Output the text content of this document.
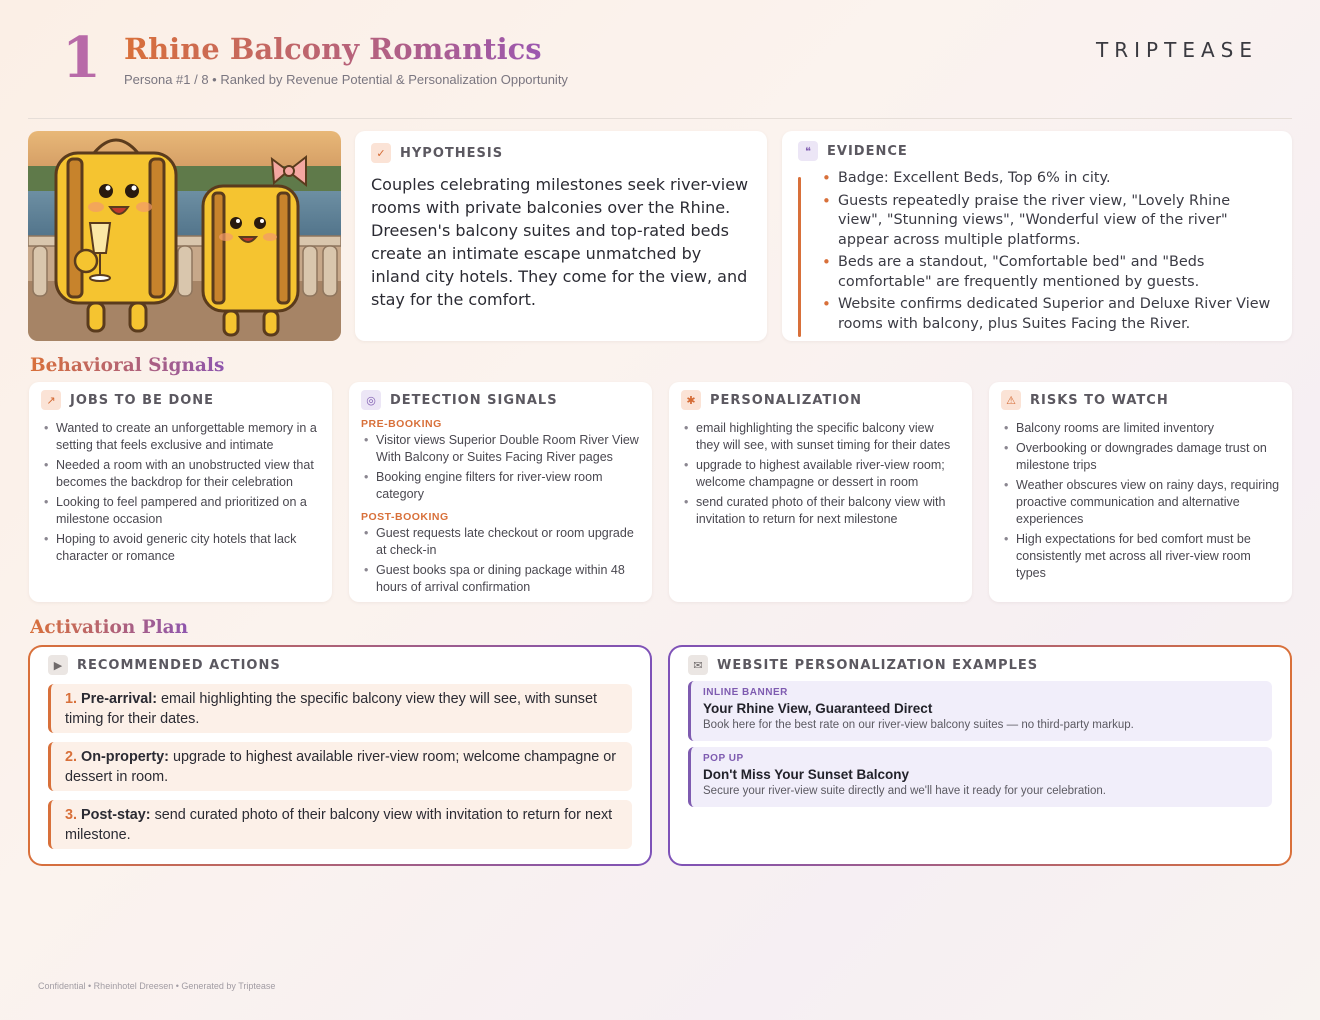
1 Rhine Balcony Romantics
Persona #1 / 8 • Ranked by Revenue Potential & Personalization Opportunity
TRIPTEASE
✓	HYPOTHESIS
Couples celebrating milestones seek river-view rooms with private balconies over the Rhine. Dreesen's balcony suites and top-rated beds create an intimate escape unmatched by inland city hotels. They come for the view, and stay for the comfort.
❝	EVIDENCE
• Badge: Excellent Beds, Top 6% in city.
• Guests repeatedly praise the river view, "Lovely Rhine view", "Stunning views", "Wonderful view of the river" appear across multiple platforms.
• Beds are a standout, "Comfortable bed" and "Beds comfortable" are frequently mentioned by guests.
• Website confirms dedicated Superior and Deluxe River View rooms with balcony, plus Suites Facing the River.
Behavioral Signals
↗	JOBS TO BE DONE
• Wanted to create an unforgettable memory in a setting that feels exclusive and intimate
• Needed a room with an unobstructed view that becomes the backdrop for their celebration
• Looking to feel pampered and prioritized on a milestone occasion
• Hoping to avoid generic city hotels that lack character or romance
◎	DETECTION SIGNALS
PRE-BOOKING
• Visitor views Superior Double Room River View With Balcony or Suites Facing River pages
• Booking engine filters for river-view room category
POST-BOOKING
• Guest requests late checkout or room upgrade at check-in
• Guest books spa or dining package within 48 hours of arrival confirmation
✱	PERSONALIZATION
• email highlighting the specific balcony view they will see, with sunset timing for their dates
• upgrade to highest available river-view room; welcome champagne or dessert in room
• send curated photo of their balcony view with invitation to return for next milestone
⚠	RISKS TO WATCH
• Balcony rooms are limited inventory
• Overbooking or downgrades damage trust on milestone trips
• Weather obscures view on rainy days, requiring proactive communication and alternative experiences
• High expectations for bed comfort must be consistently met across all river-view room types
Activation Plan
▶	RECOMMENDED ACTIONS
1. Pre-arrival: email highlighting the specific balcony view they will see, with sunset timing for their dates.
2. On-property: upgrade to highest available river-view room; welcome champagne or dessert in room.
3. Post-stay: send curated photo of their balcony view with invitation to return for next milestone.
✉	WEBSITE PERSONALIZATION EXAMPLES
INLINE BANNER
Your Rhine View, Guaranteed Direct
Book here for the best rate on our river-view balcony suites — no third-party markup.
POP UP
Don't Miss Your Sunset Balcony
Secure your river-view suite directly and we'll have it ready for your celebration.
Confidential • Rheinhotel Dreesen • Generated by Triptease
